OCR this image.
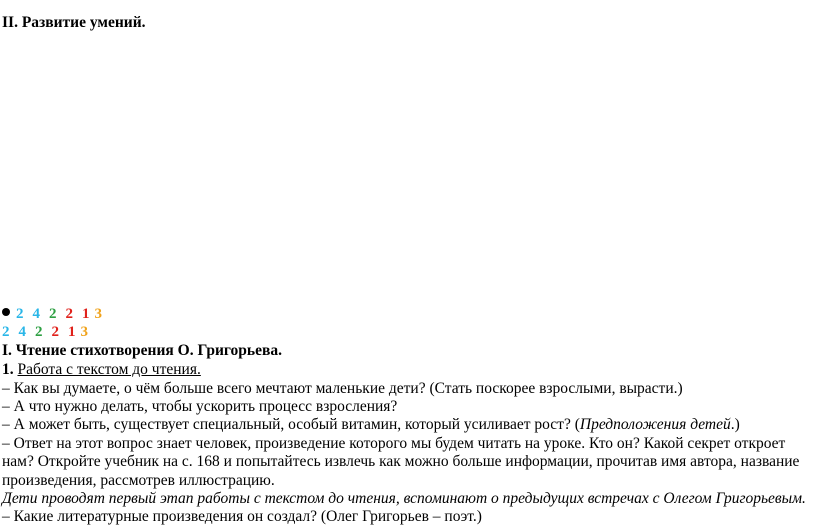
II. Развитие умений.
2 4 2 2 1 3
2 4 2 2 1 3
I. Чтение стихотворения О. Григорьева.
1. Работа с текстом до чтения.
– Как вы думаете, о чём больше всего мечтают маленькие дети? (Стать поскорее взрослыми, вырасти.)
– А что нужно делать, чтобы ускорить процесс взросления?
– А может быть, существует специальный, особый витамин, который усиливает рост? (Предположения детей.)
– Ответ на этот вопрос знает человек, произведение которого мы будем читать на уроке. Кто он? Какой секрет откроет
нам? Откройте учебник на с. 168 и попытайтесь извлечь как можно больше информации, прочитав имя автора, название
произведения, рассмотрев иллюстрацию.
Дети проводят первый этап работы с текстом до чтения, вспоминают о предыдущих встречах с Олегом Григорьевым.
– Какие литературные произведения он создал? (Олег Григорьев – поэт.)
